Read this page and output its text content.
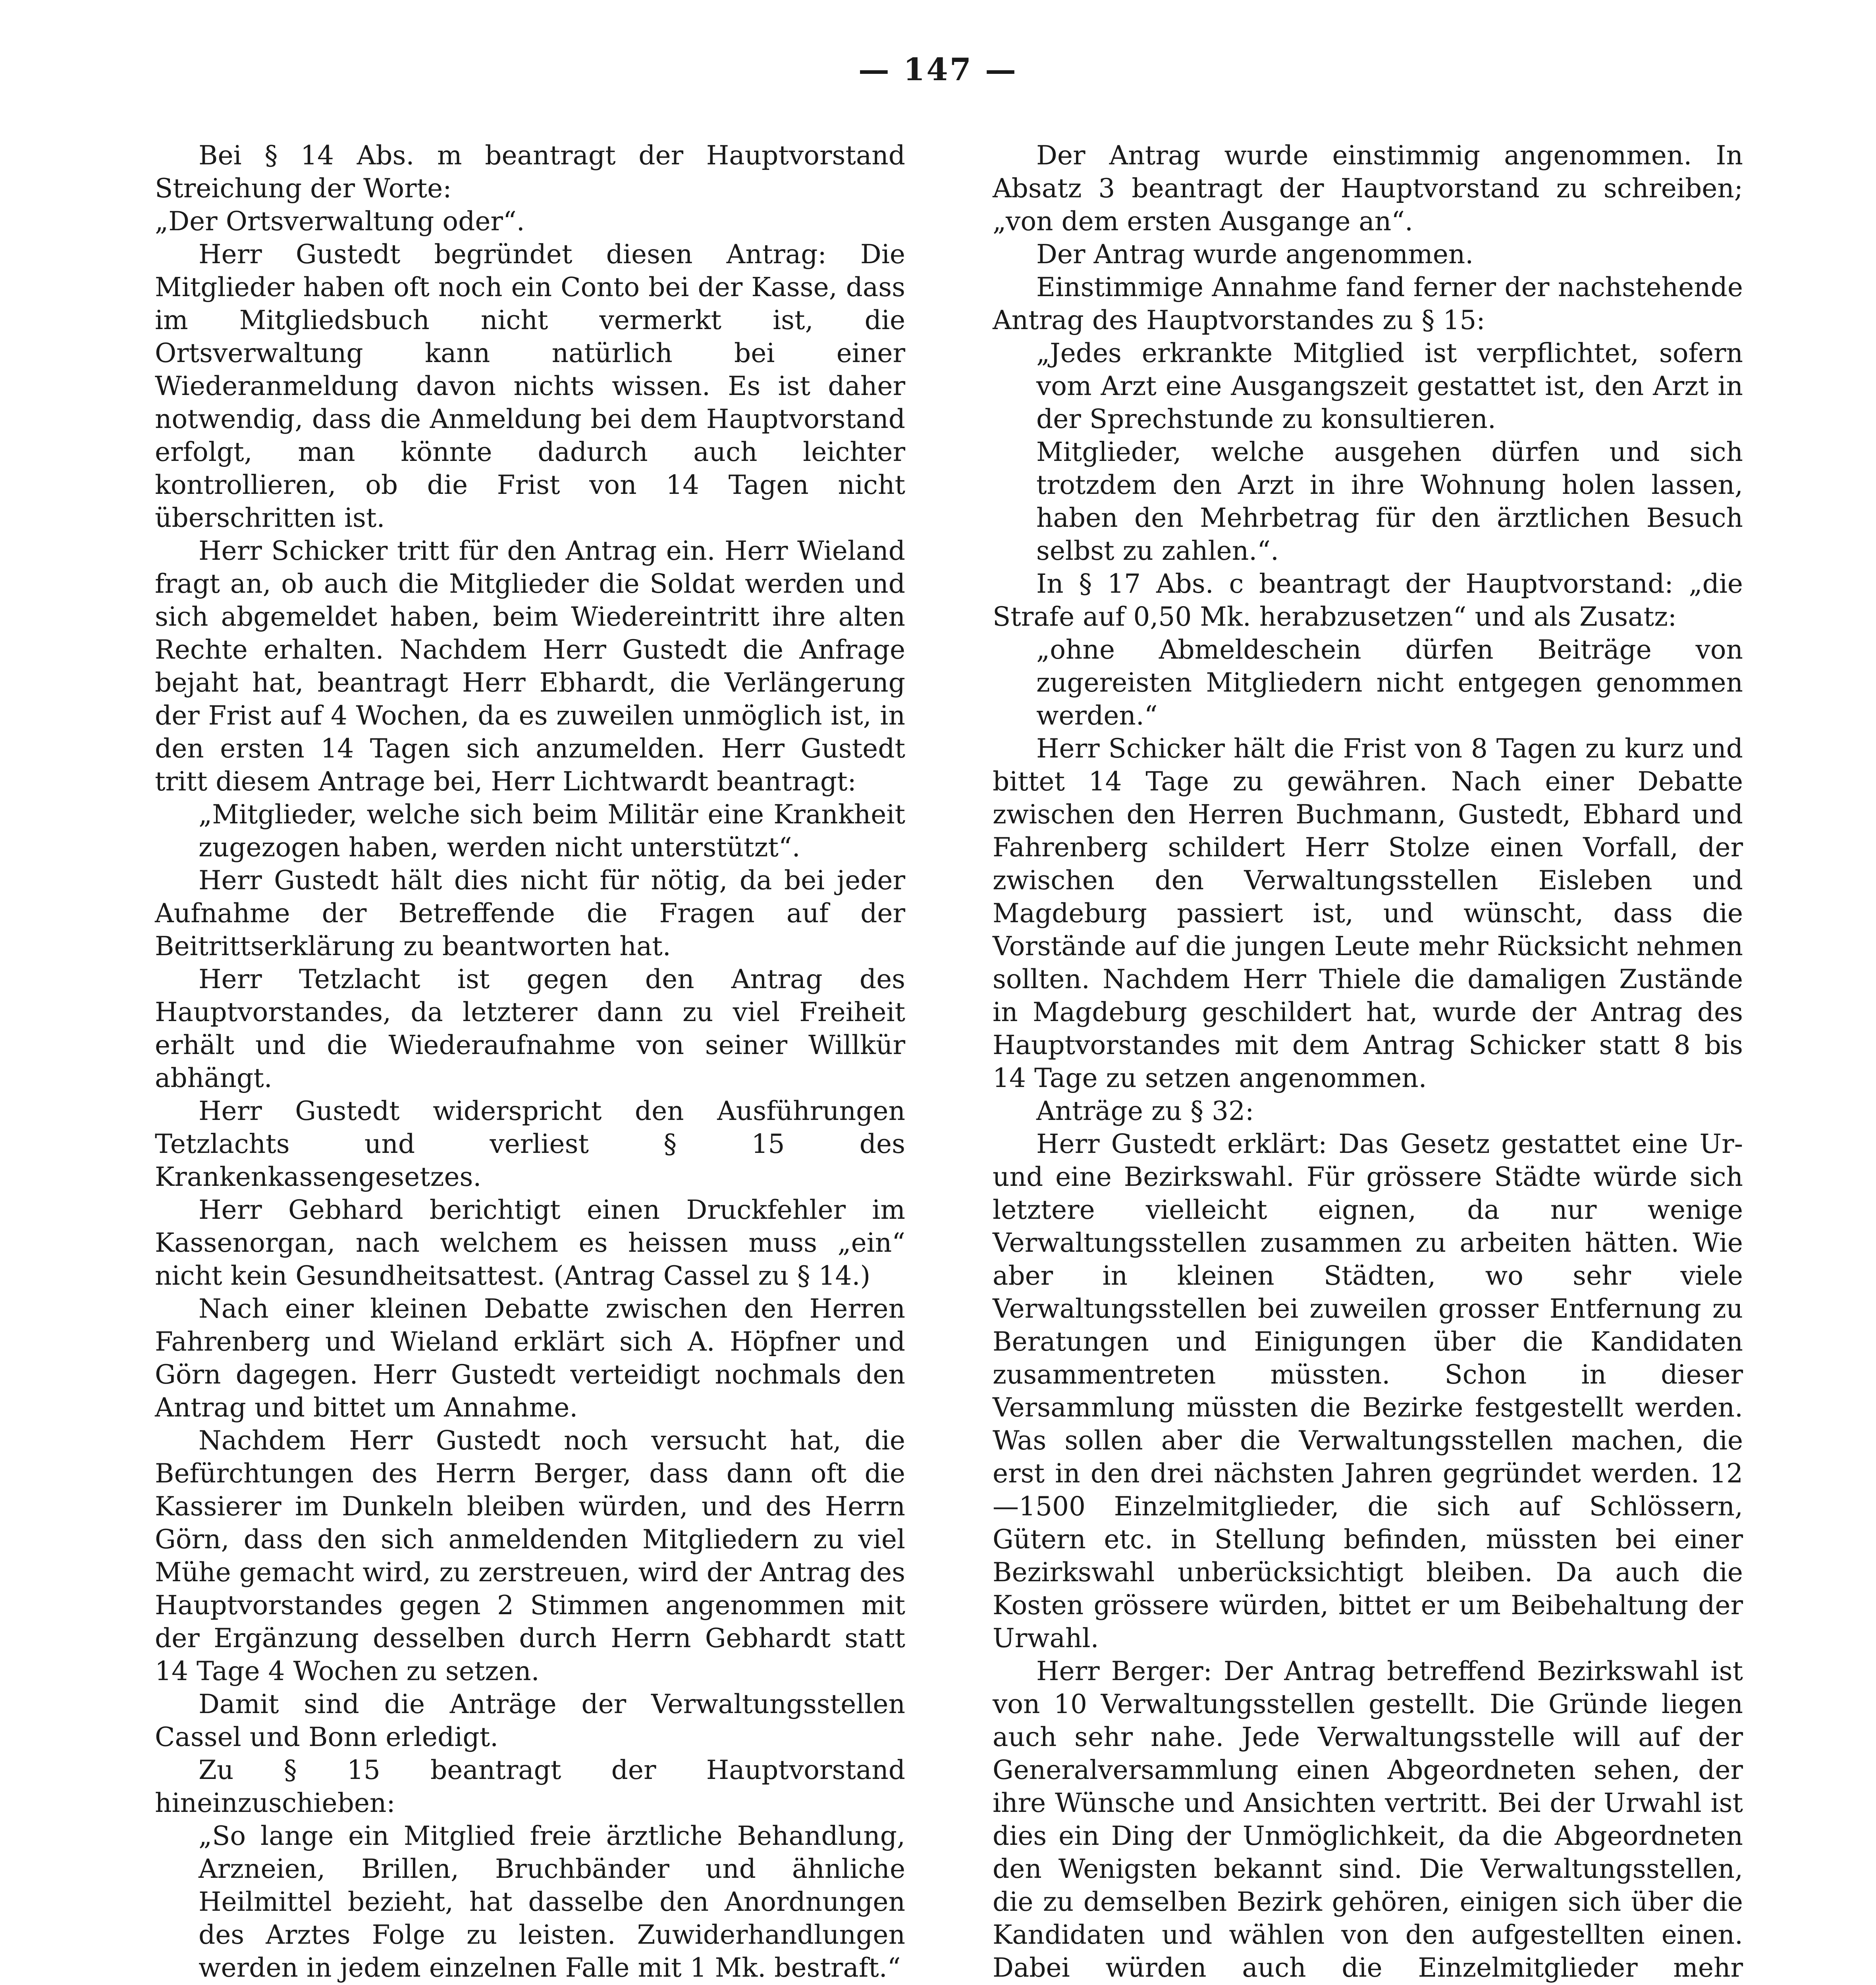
— 147 —

Bei § 14 Abs. m beantragt der Hauptvorstand Streichung der Worte:

„Der Ortsverwaltung oder“.

Herr Gustedt begründet diesen Antrag: Die Mitglieder haben oft noch ein Conto bei der Kasse, dass im Mitgliedsbuch nicht vermerkt ist, die Ortsverwaltung kann natürlich bei einer Wiederanmeldung davon nichts wissen. Es ist daher notwendig, dass die Anmeldung bei dem Hauptvorstand erfolgt, man könnte dadurch auch leichter kontrollieren, ob die Frist von 14 Tagen nicht überschritten ist.

Herr Schicker tritt für den Antrag ein. Herr Wieland fragt an, ob auch die Mitglieder die Soldat werden und sich abgemeldet haben, beim Wiedereintritt ihre alten Rechte erhalten. Nachdem Herr Gustedt die Anfrage bejaht hat, beantragt Herr Ebhardt, die Verlängerung der Frist auf 4 Wochen, da es zuweilen unmöglich ist, in den ersten 14 Tagen sich anzumelden. Herr Gustedt tritt diesem Antrage bei, Herr Lichtwardt beantragt:

„Mitglieder, welche sich beim Militär eine Krankheit zugezogen haben, werden nicht unterstützt“.

Herr Gustedt hält dies nicht für nötig, da bei jeder Aufnahme der Betreffende die Fragen auf der Beitrittserklärung zu beantworten hat.

Herr Tetzlacht ist gegen den Antrag des Hauptvorstandes, da letzterer dann zu viel Freiheit erhält und die Wiederaufnahme von seiner Willkür abhängt.

Herr Gustedt widerspricht den Ausführungen Tetzlachts und verliest § 15 des Krankenkassengesetzes.

Herr Gebhard berichtigt einen Druckfehler im Kassenorgan, nach welchem es heissen muss „ein“ nicht kein Gesundheitsattest. (Antrag Cassel zu § 14.)

Nach einer kleinen Debatte zwischen den Herren Fahrenberg und Wieland erklärt sich A. Höpfner und Görn dagegen. Herr Gustedt verteidigt nochmals den Antrag und bittet um Annahme.

Nachdem Herr Gustedt noch versucht hat, die Befürchtungen des Herrn Berger, dass dann oft die Kassierer im Dunkeln bleiben würden, und des Herrn Görn, dass den sich anmeldenden Mitgliedern zu viel Mühe gemacht wird, zu zerstreuen, wird der Antrag des Hauptvorstandes gegen 2 Stimmen angenommen mit der Ergänzung desselben durch Herrn Gebhardt statt 14 Tage 4 Wochen zu setzen.

Damit sind die Anträge der Verwaltungsstellen Cassel und Bonn erledigt.

Zu § 15 beantragt der Hauptvorstand hineinzuschieben:

„So lange ein Mitglied freie ärztliche Behandlung, Arzneien, Brillen, Bruchbänder und ähnliche Heilmittel bezieht, hat dasselbe den Anordnungen des Arztes Folge zu leisten. Zuwiderhandlungen werden in jedem einzelnen Falle mit 1 Mk. bestraft.“

Der Antrag wurde einstimmig angenommen. In Absatz 3 beantragt der Hauptvorstand zu schreiben; „von dem ersten Ausgange an“.

Der Antrag wurde angenommen.

Einstimmige Annahme fand ferner der nachstehende Antrag des Hauptvorstandes zu § 15:

„Jedes erkrankte Mitglied ist verpflichtet, sofern vom Arzt eine Ausgangszeit gestattet ist, den Arzt in der Sprechstunde zu konsultieren.

Mitglieder, welche ausgehen dürfen und sich trotzdem den Arzt in ihre Wohnung holen lassen, haben den Mehrbetrag für den ärztlichen Besuch selbst zu zahlen.“.

In § 17 Abs. c beantragt der Hauptvorstand: „die Strafe auf 0,50 Mk. herabzusetzen“ und als Zusatz:

„ohne Abmeldeschein dürfen Beiträge von zugereisten Mitgliedern nicht entgegen genommen werden.“

Herr Schicker hält die Frist von 8 Tagen zu kurz und bittet 14 Tage zu gewähren. Nach einer Debatte zwischen den Herren Buchmann, Gustedt, Ebhard und Fahrenberg schildert Herr Stolze einen Vorfall, der zwischen den Verwaltungsstellen Eisleben und Magdeburg passiert ist, und wünscht, dass die Vorstände auf die jungen Leute mehr Rücksicht nehmen sollten. Nachdem Herr Thiele die damaligen Zustände in Magdeburg geschildert hat, wurde der Antrag des Hauptvorstandes mit dem Antrag Schicker statt 8 bis 14 Tage zu setzen angenommen.

Anträge zu § 32:

Herr Gustedt erklärt: Das Gesetz gestattet eine Ur- und eine Bezirkswahl. Für grössere Städte würde sich letztere vielleicht eignen, da nur wenige Verwaltungsstellen zusammen zu arbeiten hätten. Wie aber in kleinen Städten, wo sehr viele Verwaltungsstellen bei zuweilen grosser Entfernung zu Beratungen und Einigungen über die Kandidaten zusammentreten müssten. Schon in dieser Versammlung müssten die Bezirke festgestellt werden. Was sollen aber die Verwaltungsstellen machen, die erst in den drei nächsten Jahren gegründet werden. 12—1500 Einzelmitglieder, die sich auf Schlössern, Gütern etc. in Stellung befinden, müssten bei einer Bezirkswahl unberücksichtigt bleiben. Da auch die Kosten grössere würden, bittet er um Beibehaltung der Urwahl.

Herr Berger: Der Antrag betreffend Bezirkswahl ist von 10 Verwaltungsstellen gestellt. Die Gründe liegen auch sehr nahe. Jede Verwaltungsstelle will auf der Generalversammlung einen Abgeordneten sehen, der ihre Wünsche und Ansichten vertritt. Bei der Urwahl ist dies ein Ding der Unmöglichkeit, da die Abgeordneten den Wenigsten bekannt sind. Die Verwaltungsstellen, die zu demselben Bezirk gehören, einigen sich über die Kandidaten und wählen von den aufgestellten einen. Dabei würden auch die Einzelmitglieder mehr
